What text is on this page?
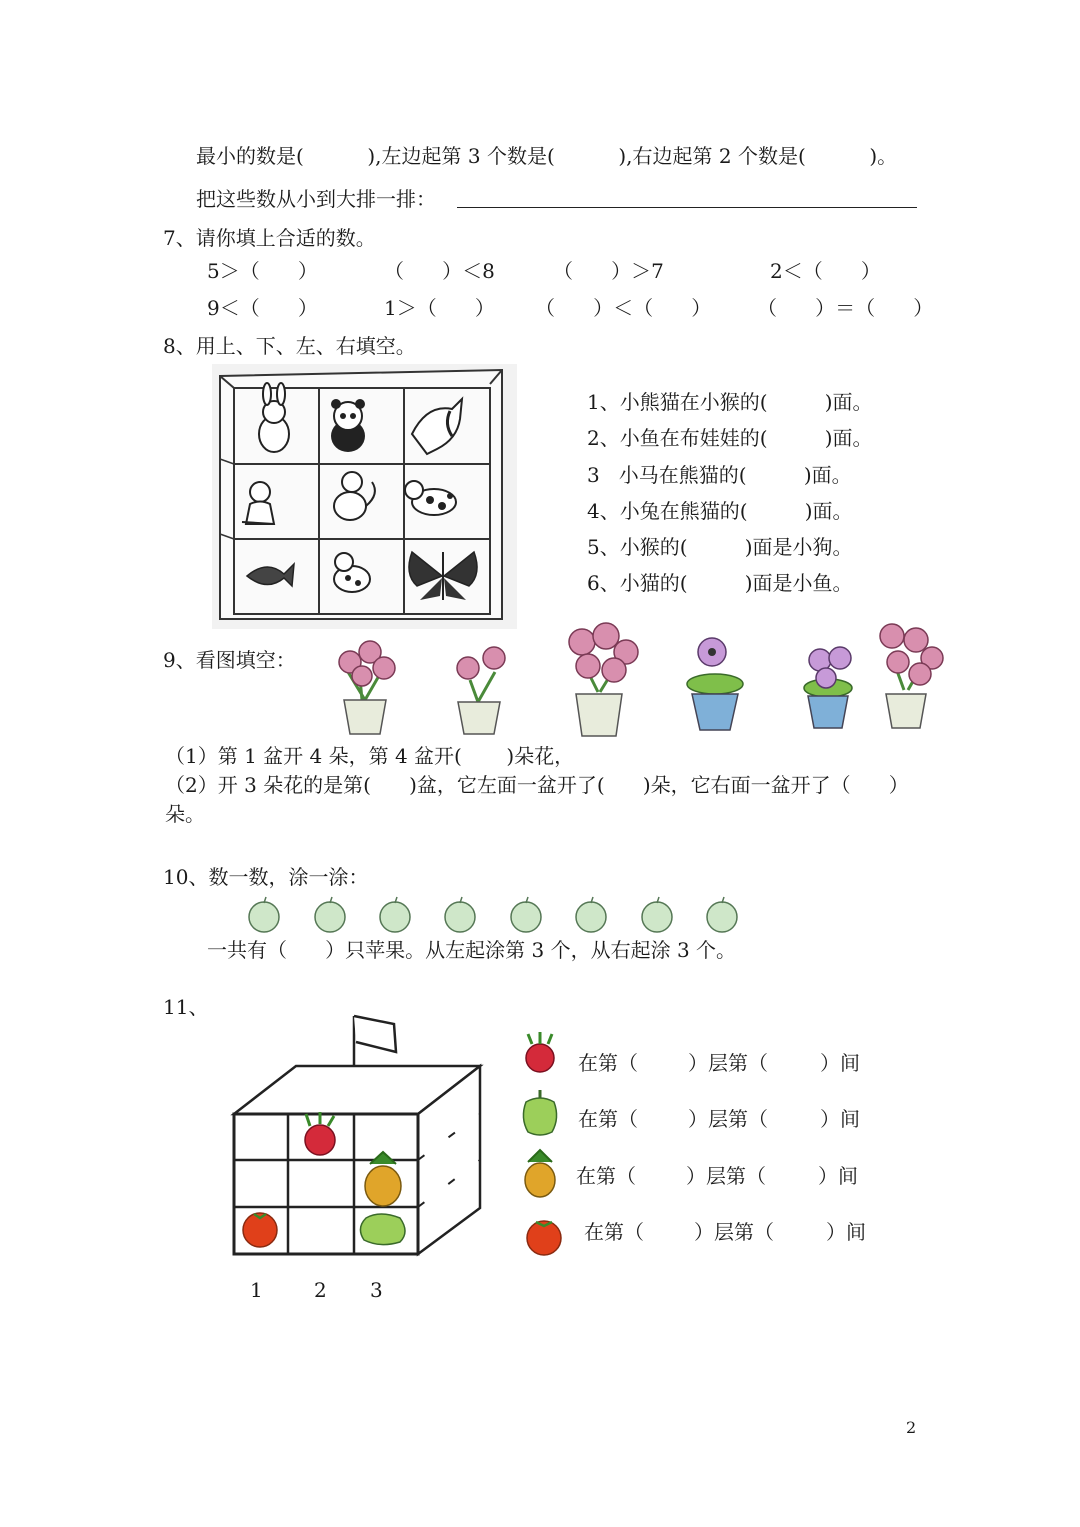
最小的数是(          ),左边起第 3 个数是(          ),右边起第 2 个数是(          )。
把这些数从小到大排一排：
7、请你填上合适的数。
5＞（      ）	（      ）＜8	（      ）＞7	2＜（      ）
9＜（      ）	1＞（      ） （      ）＜（      ） （      ）＝（      ）
8、用上、下、左、右填空。
1、小熊猫在小猴的(         )面。
2、小鱼在布娃娃的(         )面。
3   小马在熊猫的(         )面。
4、小兔在熊猫的(         )面。
5、小猴的(         )面是小狗。
6、小猫的(         )面是小鱼。
9、看图填空：
（1）第 1 盆开 4 朵，第 4 盆开(       )朵花，
（2）开 3 朵花的是第(      )盆，它左面一盆开了(      )朵，它右面一盆开了（      ）
朵。
10、数一数，涂一涂：
一共有（      ）只苹果。从左起涂第 3 个，从右起涂 3 个。
11、
1	2 3
在第（	）层第（	）间
在第（	）层第（	）间
在第（	）层第（	）间
在第（	）层第（	）间
2
